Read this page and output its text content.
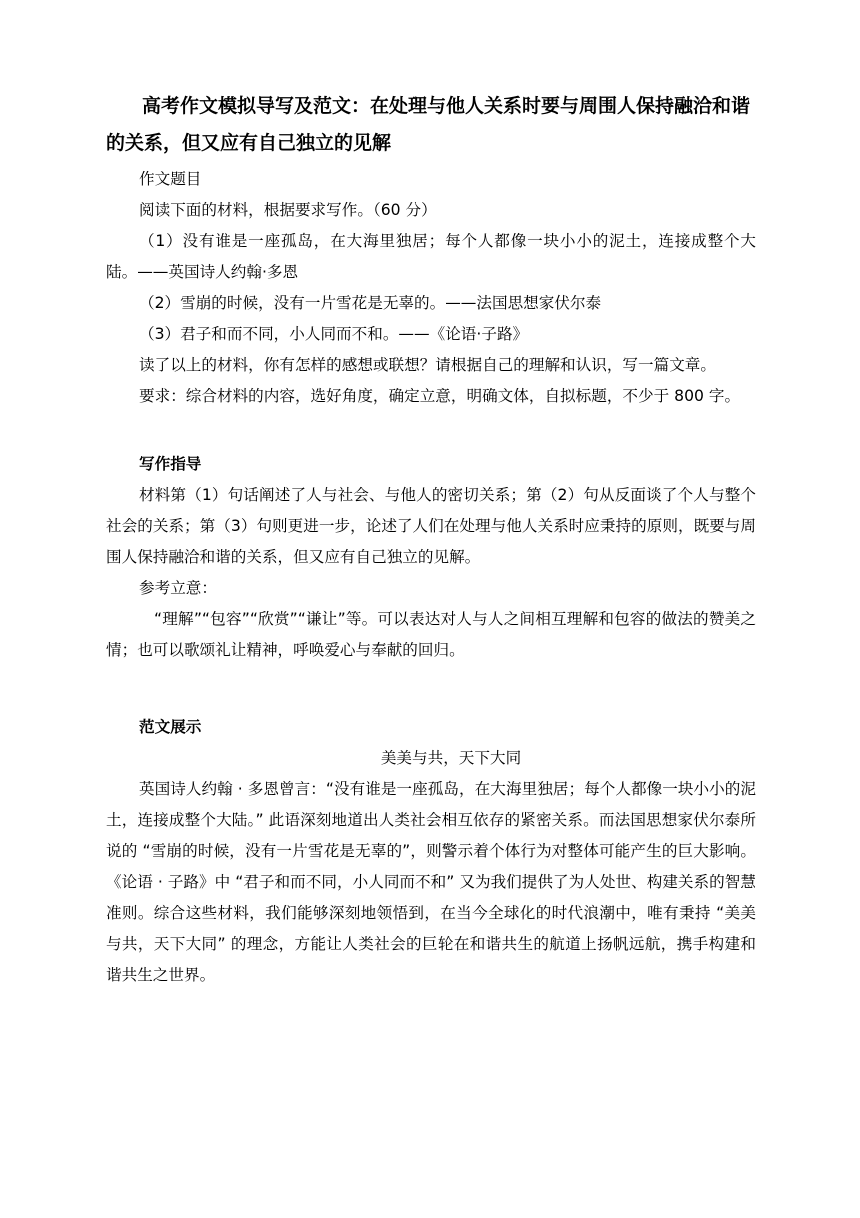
高考作文模拟导写及范文：在处理与他人关系时要与周围人保持融洽和谐的关系，但又应有自己独立的见解

作文题目

阅读下面的材料，根据要求写作。（60 分）

（1）没有谁是一座孤岛，在大海里独居；每个人都像一块小小的泥土，连接成整个大陆。——英国诗人约翰·多恩

（2）雪崩的时候，没有一片雪花是无辜的。——法国思想家伏尔泰

（3）君子和而不同，小人同而不和。——《论语·子路》

读了以上的材料，你有怎样的感想或联想？请根据自己的理解和认识，写一篇文章。

要求：综合材料的内容，选好角度，确定立意，明确文体，自拟标题，不少于 800 字。

写作指导

材料第（1）句话阐述了人与社会、与他人的密切关系；第（2）句从反面谈了个人与整个社会的关系；第（3）句则更进一步，论述了人们在处理与他人关系时应秉持的原则，既要与周围人保持融洽和谐的关系，但又应有自己独立的见解。

参考立意：

“理解”“包容”“欣赏”“谦让”等。可以表达对人与人之间相互理解和包容的做法的赞美之情；也可以歌颂礼让精神，呼唤爱心与奉献的回归。

范文展示

美美与共，天下大同

英国诗人约翰 · 多恩曾言：“没有谁是一座孤岛，在大海里独居；每个人都像一块小小的泥土，连接成整个大陆。” 此语深刻地道出人类社会相互依存的紧密关系。而法国思想家伏尔泰所说的 “雪崩的时候，没有一片雪花是无辜的”，则警示着个体行为对整体可能产生的巨大影响。《论语 · 子路》中 “君子和而不同，小人同而不和” 又为我们提供了为人处世、构建关系的智慧准则。综合这些材料，我们能够深刻地领悟到，在当今全球化的时代浪潮中，唯有秉持 “美美与共，天下大同” 的理念，方能让人类社会的巨轮在和谐共生的航道上扬帆远航，携手构建和谐共生之世界。
